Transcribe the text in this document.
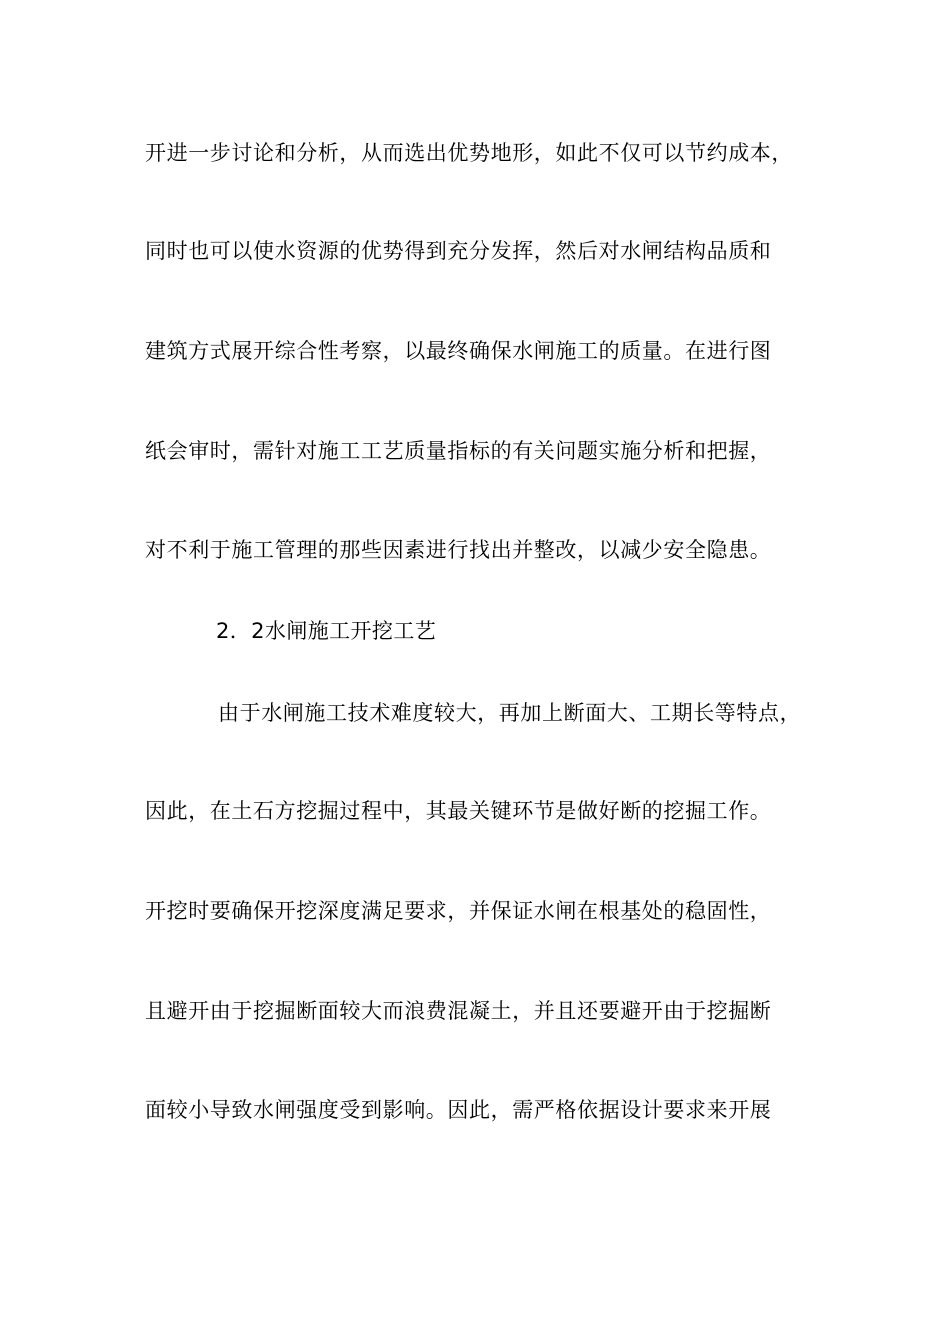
开进一步讨论和分析，从而选出优势地形，如此不仅可以节约成本，
同时也可以使水资源的优势得到充分发挥，然后对水闸结构品质和
建筑方式展开综合性考察，以最终确保水闸施工的质量。在进行图
纸会审时，需针对施工工艺质量指标的有关问题实施分析和把握，
对不利于施工管理的那些因素进行找出并整改，以减少安全隐患。
2．2水闸施工开挖工艺
由于水闸施工技术难度较大，再加上断面大、工期长等特点，
因此，在土石方挖掘过程中，其最关键环节是做好断的挖掘工作。
开挖时要确保开挖深度满足要求，并保证水闸在根基处的稳固性，
且避开由于挖掘断面较大而浪费混凝土，并且还要避开由于挖掘断
面较小导致水闸强度受到影响。因此，需严格依据设计要求来开展
